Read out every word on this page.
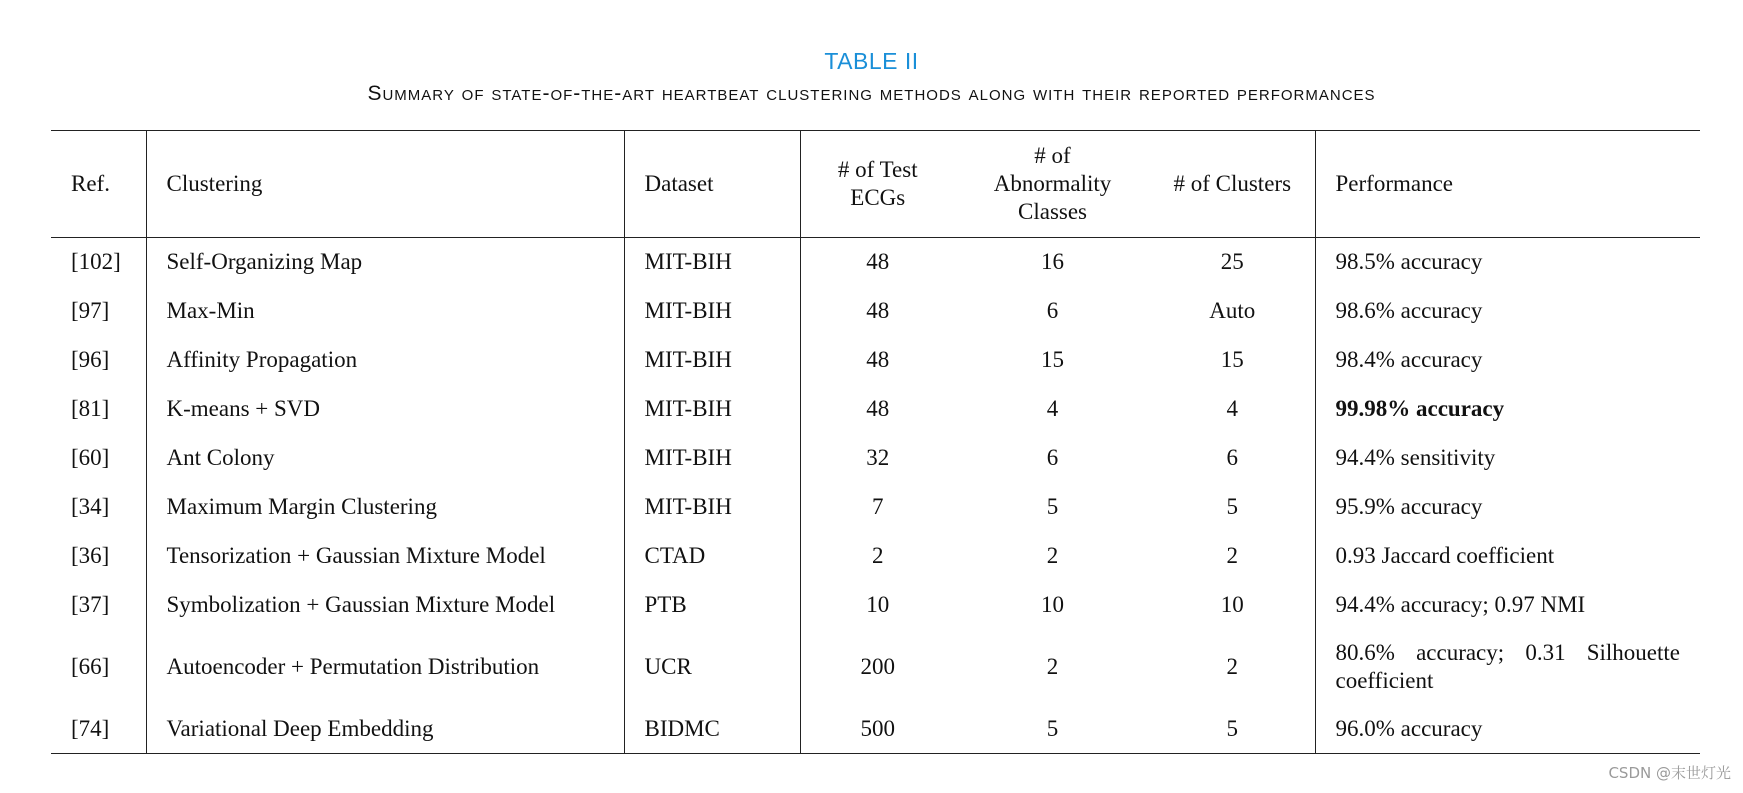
TABLE II
Summary of state-of-the-art heartbeat clustering methods along with their reported performances
Ref.	Clustering	Dataset	# of Test ECGs	# of Abnormality Classes	# of Clusters	Performance
[102]	Self-Organizing Map	MIT-BIH	48	16	25	98.5% accuracy
[97]	Max-Min	MIT-BIH	48	6	Auto	98.6% accuracy
[96]	Affinity Propagation	MIT-BIH	48	15	15	98.4% accuracy
[81]	K-means + SVD	MIT-BIH	48	4	4	99.98% accuracy
[60]	Ant Colony	MIT-BIH	32	6	6	94.4% sensitivity
[34]	Maximum Margin Clustering	MIT-BIH	7	5	5	95.9% accuracy
[36]	Tensorization + Gaussian Mixture Model	CTAD	2	2	2	0.93 Jaccard coefficient
[37]	Symbolization + Gaussian Mixture Model	PTB	10	10	10	94.4% accuracy; 0.97 NMI
[66]	Autoencoder + Permutation Distribution	UCR	200	2	2	80.6% accuracy; 0.31 Silhouette coefficient
[74]	Variational Deep Embedding	BIDMC	500	5	5	96.0% accuracy
CSDN @末世灯光
